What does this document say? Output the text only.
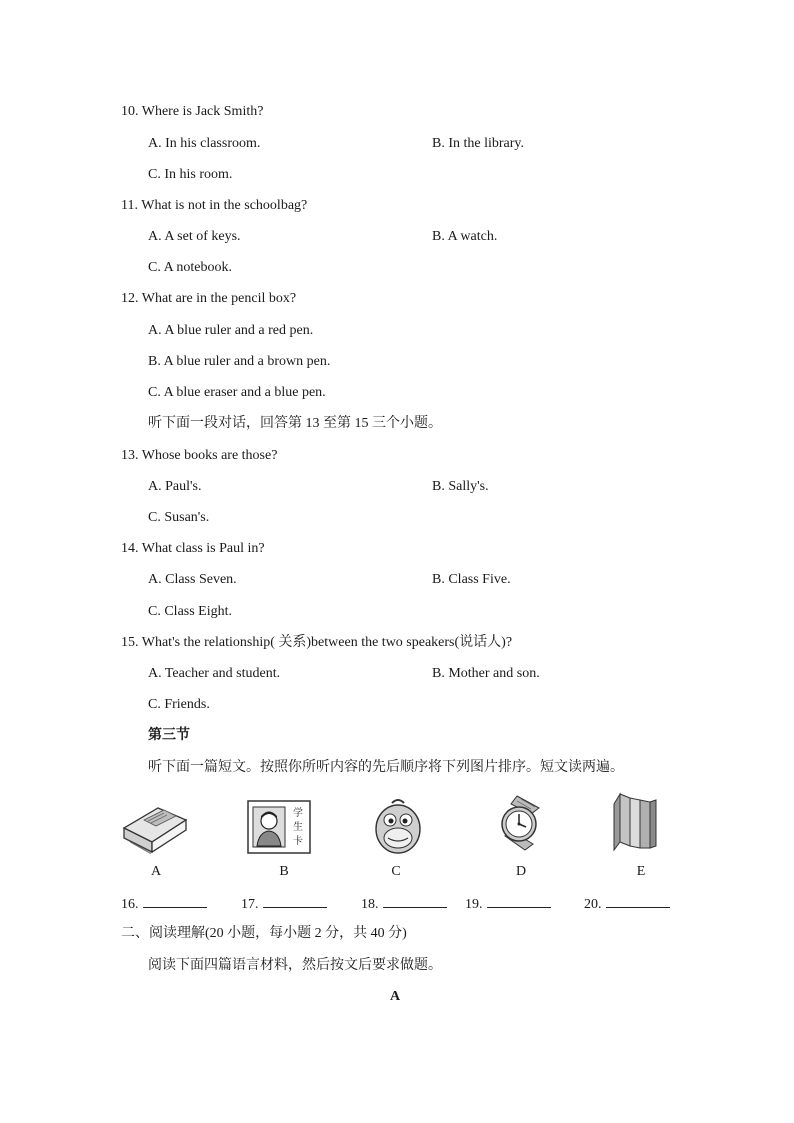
10. Where is Jack Smith?
A. In his classroom.	B. In the library.
C. In his room.
11. What is not in the schoolbag?
A. A set of keys.	B. A watch.
C. A notebook.
12. What are in the pencil box?
A. A blue ruler and a red pen.
B. A blue ruler and a brown pen.
C. A blue eraser and a blue pen.
听下面一段对话，回答第 13 至第 15 三个小题。
13. Whose books are those?
A. Paul's.	B. Sally's.
C. Susan's.
14. What class is Paul in?
A. Class Seven.	B. Class Five.
C. Class Eight.
15. What's the relationship( 关系)between the two speakers(说话人)?
A. Teacher and student.	B. Mother and son.
C. Friends.
第三节
听下面一篇短文。按照你所听内容的先后顺序将下列图片排序。短文读两遍。
学
生
卡
A	B	C	D	E
16.	17.	18.	19.	20.
二、阅读理解(20 小题，每小题 2 分，共 40 分)
阅读下面四篇语言材料，然后按文后要求做题。
A
